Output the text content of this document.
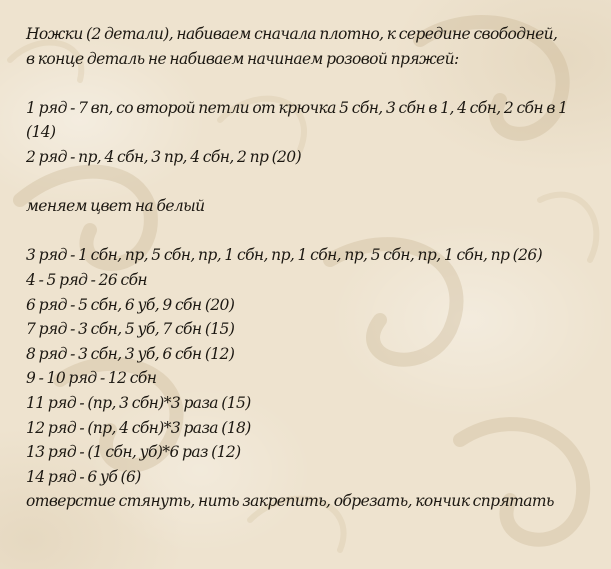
Ножки (2 детали), набиваем сначала плотно, к середине свободней,
в конце деталь не набиваем начинаем розовой пряжей:
1 ряд - 7 вп, со второй петли от крючка 5 сбн, 3 сбн в 1, 4 сбн, 2 сбн в 1
(14)
2 ряд - пр, 4 сбн, 3 пр, 4 сбн, 2 пр (20)
меняем цвет на белый
3 ряд - 1 сбн, пр, 5 сбн, пр, 1 сбн, пр, 1 сбн, пр, 5 сбн, пр, 1 сбн, пр (26)
4 - 5 ряд - 26 сбн
6 ряд - 5 сбн, 6 уб, 9 сбн (20)
7 ряд - 3 сбн, 5 уб, 7 сбн (15)
8 ряд - 3 сбн, 3 уб, 6 сбн (12)
9 - 10 ряд - 12 сбн
11 ряд - (пр, 3 сбн)*3 раза (15)
12 ряд - (пр, 4 сбн)*3 раза (18)
13 ряд - (1 сбн, уб)*6 раз (12)
14 ряд - 6 уб (6)
отверстие стянуть, нить закрепить, обрезать, кончик спрятать
